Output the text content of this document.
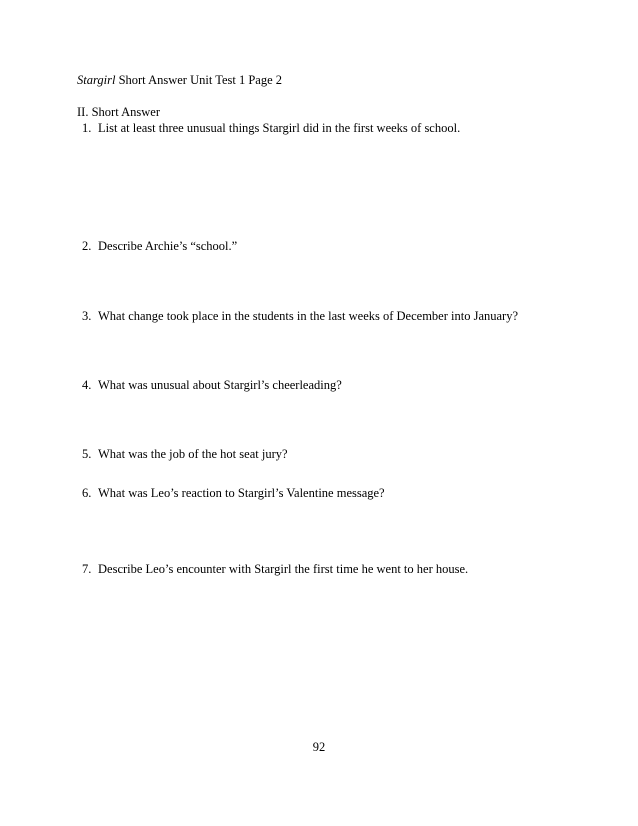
Stargirl Short Answer Unit Test 1 Page 2
II. Short Answer
1. List at least three unusual things Stargirl did in the first weeks of school.
2. Describe Archie’s “school.”
3. What change took place in the students in the last weeks of December into January?
4. What was unusual about Stargirl’s cheerleading?
5. What was the job of the hot seat jury?
6. What was Leo’s reaction to Stargirl’s Valentine message?
7. Describe Leo’s encounter with Stargirl the first time he went to her house.
92
